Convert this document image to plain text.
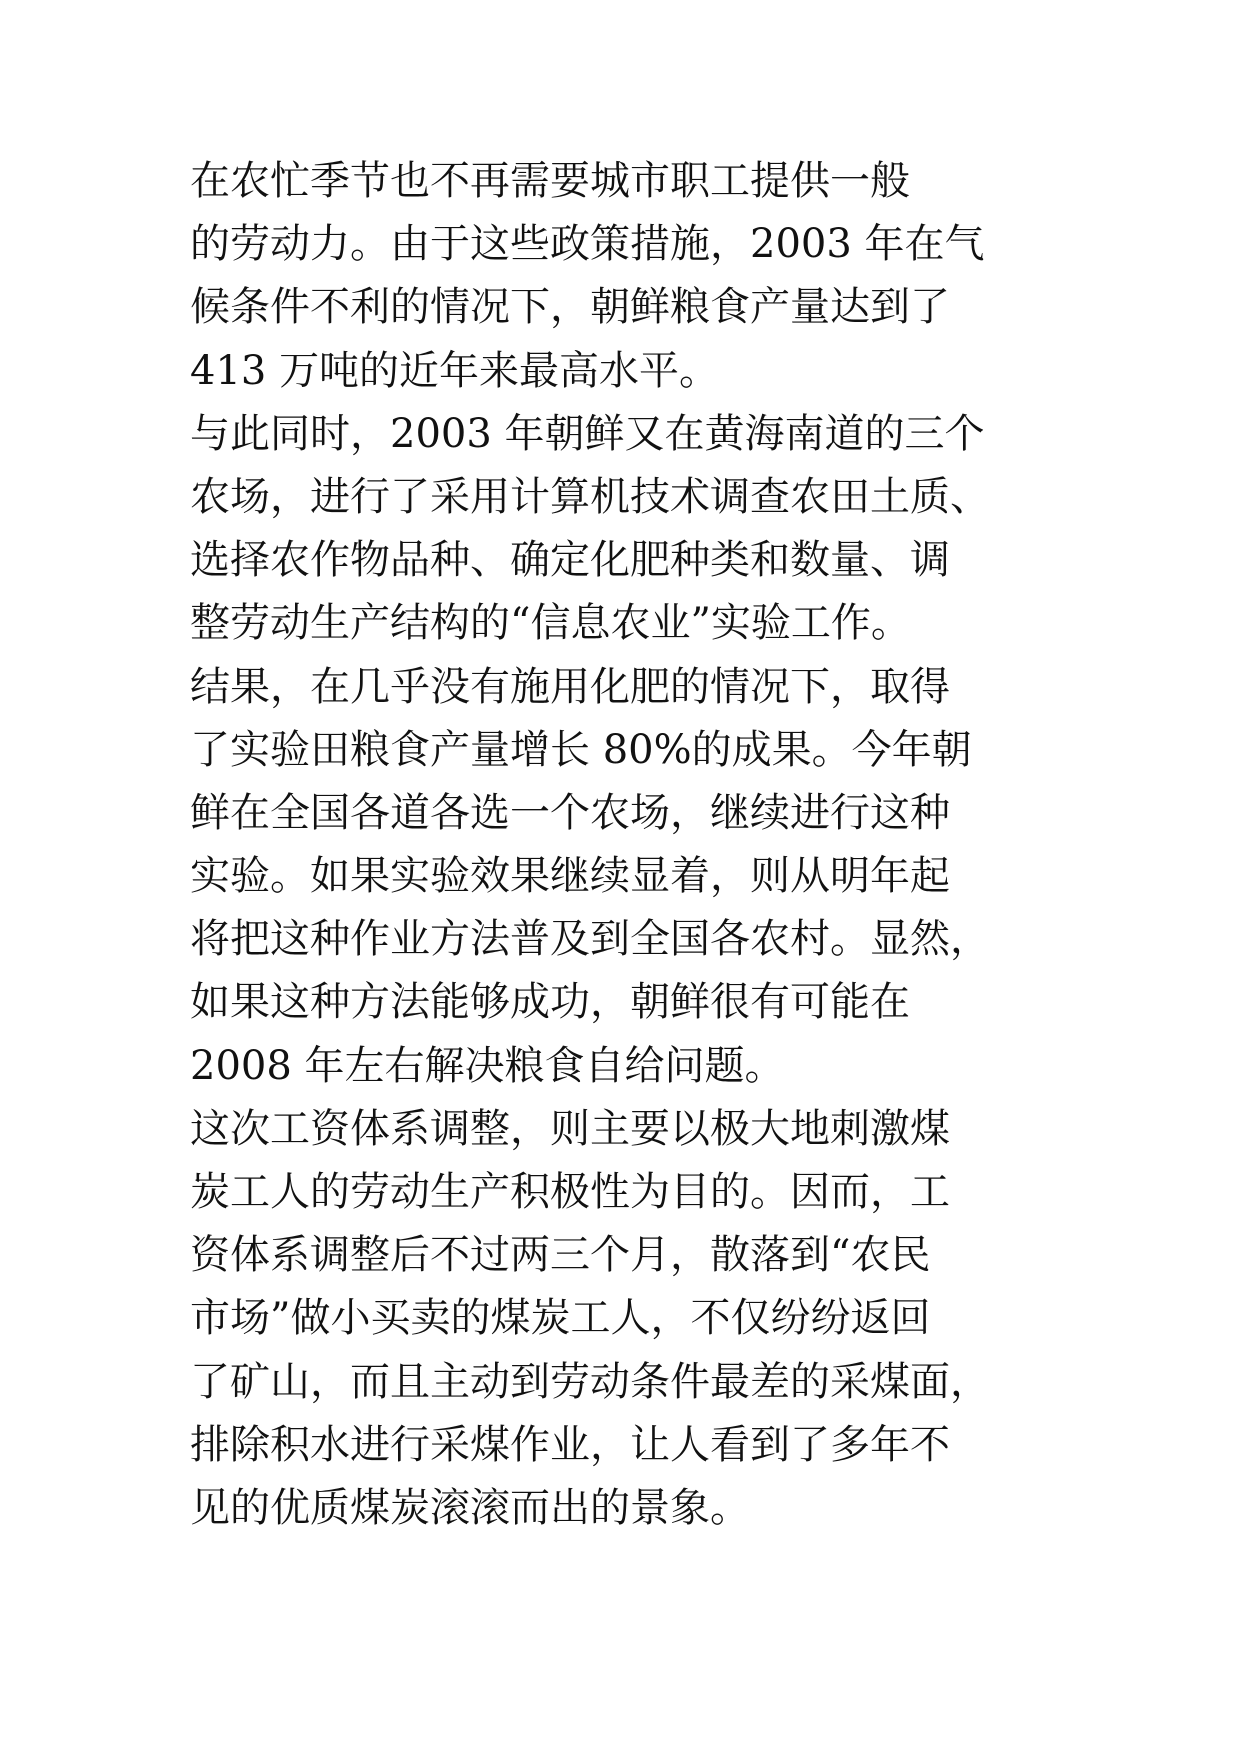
在农忙季节也不再需要城市职工提供一般
的劳动力。由于这些政策措施，2003 年在气
候条件不利的情况下，朝鲜粮食产量达到了
413 万吨的近年来最高水平。
与此同时，2003 年朝鲜又在黄海南道的三个
农场，进行了采用计算机技术调查农田土质、
选择农作物品种、确定化肥种类和数量、调
整劳动生产结构的“信息农业”实验工作。
结果，在几乎没有施用化肥的情况下，取得
了实验田粮食产量增长 80%的成果。今年朝
鲜在全国各道各选一个农场，继续进行这种
实验。如果实验效果继续显着，则从明年起
将把这种作业方法普及到全国各农村。显然，
如果这种方法能够成功，朝鲜很有可能在
2008 年左右解决粮食自给问题。
这次工资体系调整，则主要以极大地刺激煤
炭工人的劳动生产积极性为目的。因而，工
资体系调整后不过两三个月，散落到“农民
市场”做小买卖的煤炭工人，不仅纷纷返回
了矿山，而且主动到劳动条件最差的采煤面，
排除积水进行采煤作业，让人看到了多年不
见的优质煤炭滚滚而出的景象。
